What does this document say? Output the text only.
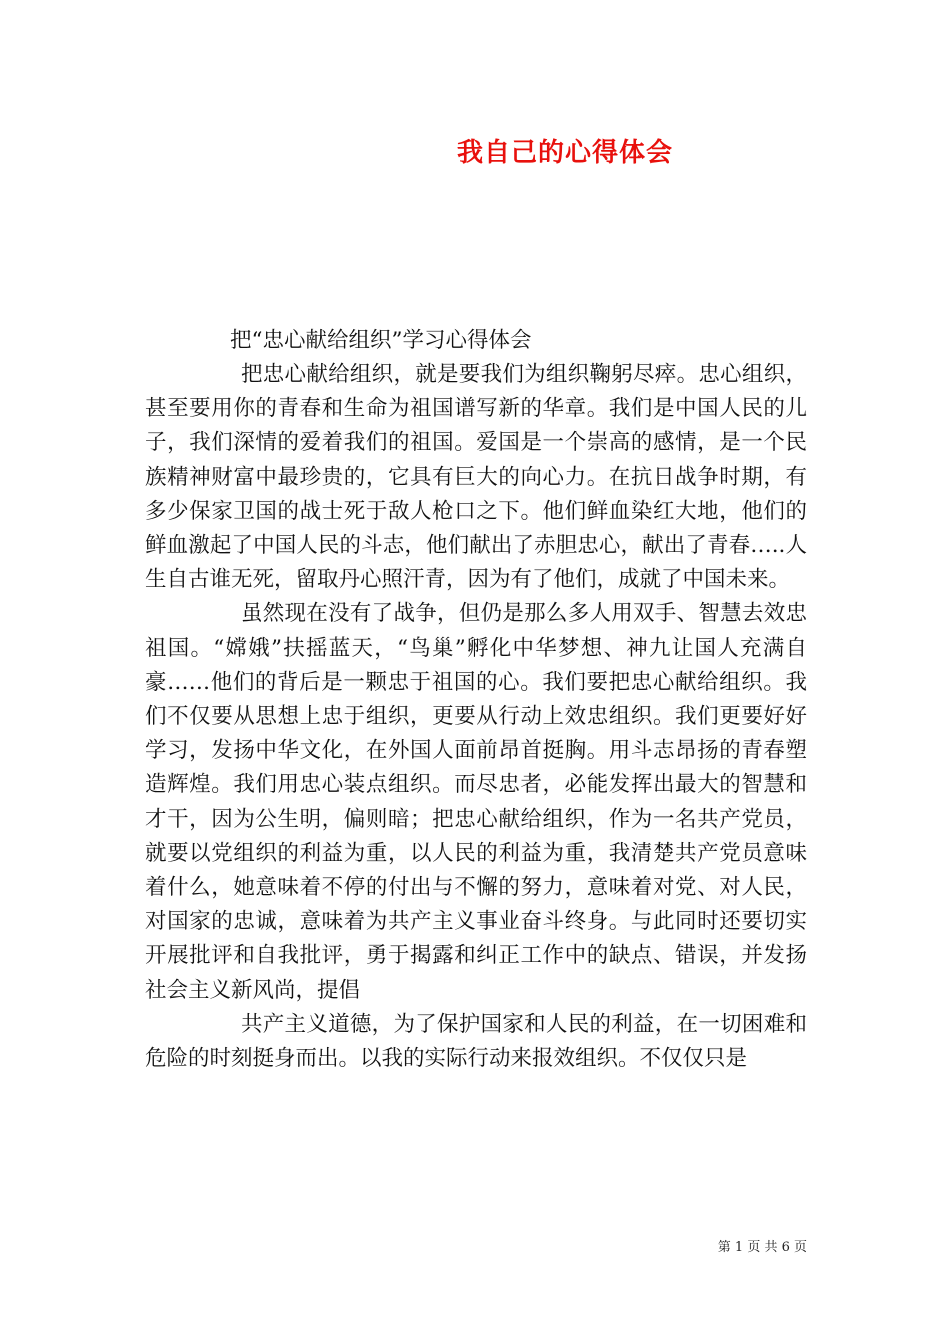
我自己的心得体会

把“忠心献给组织”学习心得体会

把忠心献给组织，就是要我们为组织鞠躬尽瘁。忠心组织，甚至要用你的青春和生命为祖国谱写新的华章。我们是中国人民的儿子，我们深情的爱着我们的祖国。爱国是一个崇高的感情，是一个民族精神财富中最珍贵的，它具有巨大的向心力。在抗日战争时期，有多少保家卫国的战士死于敌人枪口之下。他们鲜血染红大地，他们的鲜血激起了中国人民的斗志，他们献出了赤胆忠心，献出了青春…..人生自古谁无死，留取丹心照汗青，因为有了他们，成就了中国未来。

虽然现在没有了战争，但仍是那么多人用双手、智慧去效忠祖国。“嫦娥”扶摇蓝天，“鸟巢”孵化中华梦想、神九让国人充满自豪……他们的背后是一颗忠于祖国的心。我们要把忠心献给组织。我们不仅要从思想上忠于组织，更要从行动上效忠组织。我们更要好好学习，发扬中华文化，在外国人面前昂首挺胸。用斗志昂扬的青春塑造辉煌。我们用忠心装点组织。而尽忠者，必能发挥出最大的智慧和才干，因为公生明，偏则暗；把忠心献给组织，作为一名共产党员，就要以党组织的利益为重，以人民的利益为重，我清楚共产党员意味着什么，她意味着不停的付出与不懈的努力，意味着对党、对人民，对国家的忠诚，意味着为共产主义事业奋斗终身。与此同时还要切实开展批评和自我批评，勇于揭露和纠正工作中的缺点、错误，并发扬社会主义新风尚，提倡

共产主义道德，为了保护国家和人民的利益，在一切困难和危险的时刻挺身而出。以我的实际行动来报效组织。不仅仅只是

第 1 页 共 6 页
